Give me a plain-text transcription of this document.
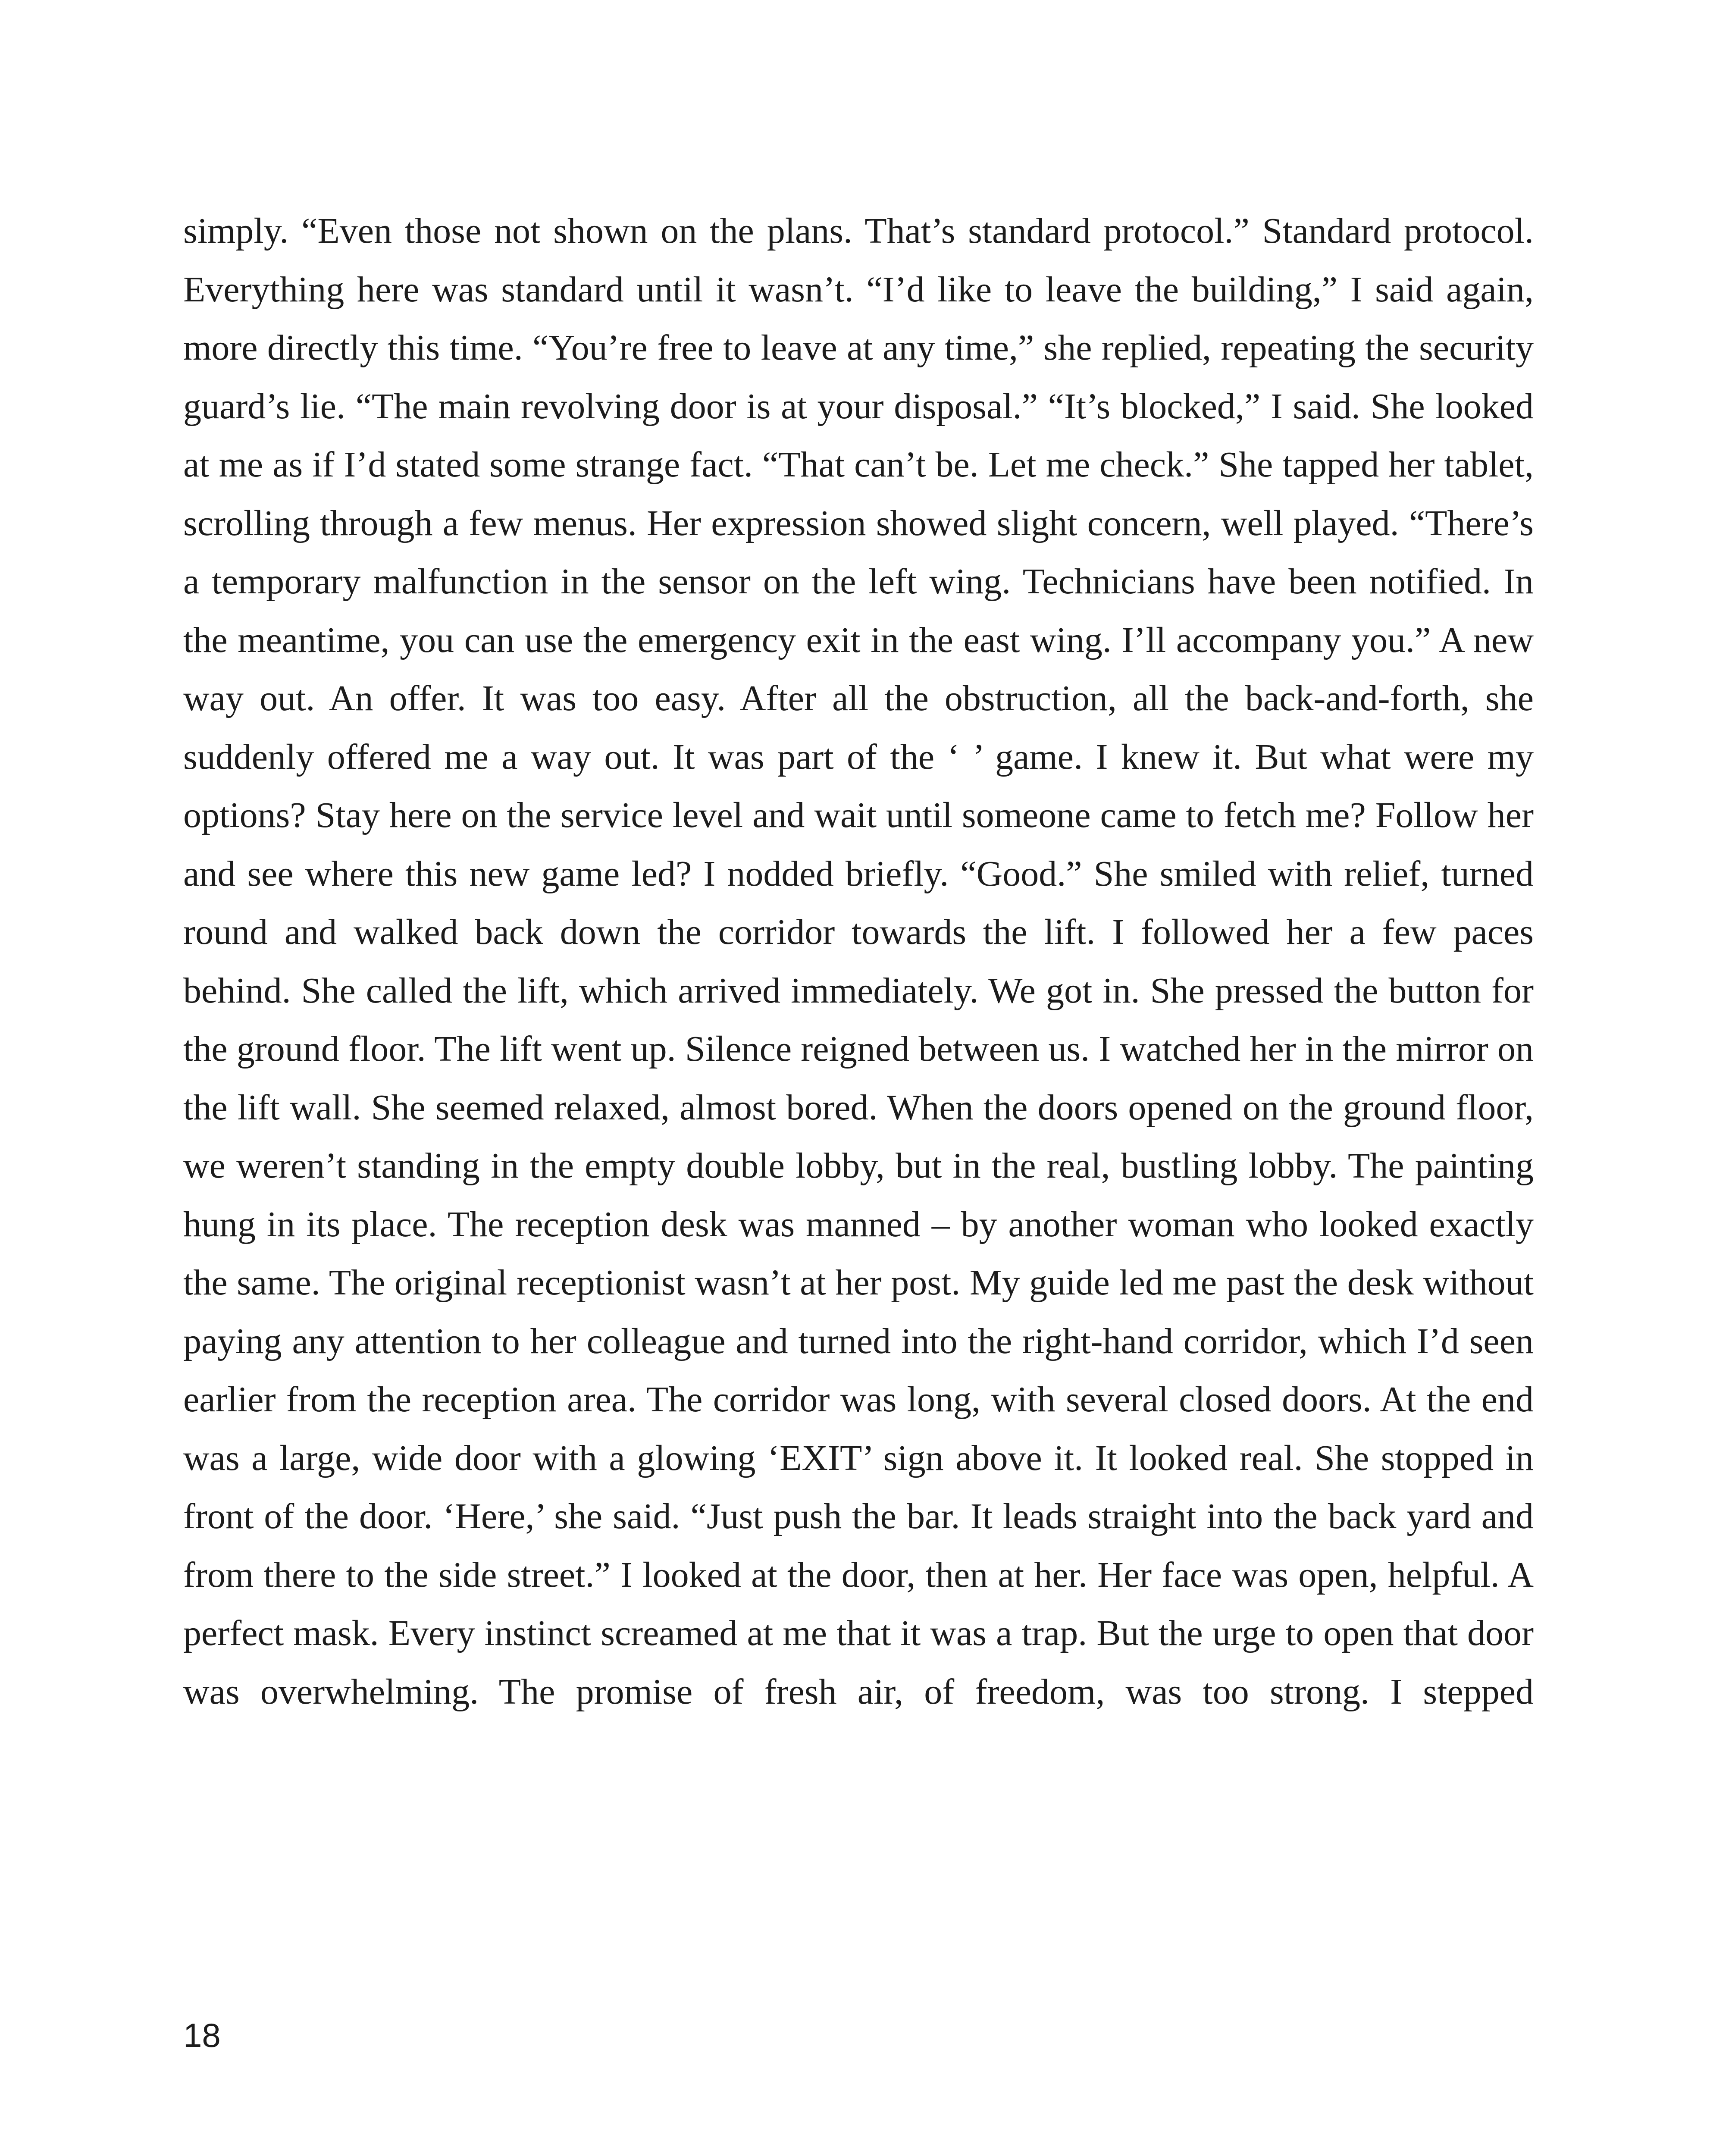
simply. “Even those not shown on the plans. That’s standard protocol.” Standard protocol. Everything here was standard until it wasn’t. “I’d like to leave the building,” I said again, more directly this time. “You’re free to leave at any time,” she replied, repeating the security guard’s lie. “The main revolving door is at your disposal.” “It’s blocked,” I said. She looked at me as if I’d stated some strange fact. “That can’t be. Let me check.” She tapped her tablet, scrolling through a few menus. Her expression showed slight concern, well played. “There’s a temporary malfunction in the sensor on the left wing. Technicians have been notified. In the meantime, you can use the emergency exit in the east wing. I’ll accompany you.” A new way out. An offer. It was too easy. After all the obstruction, all the back-and-forth, she suddenly offered me a way out. It was part of the ‘ ’ game. I knew it. But what were my options? Stay here on the service level and wait until someone came to fetch me? Follow her and see where this new game led? I nodded briefly. “Good.” She smiled with relief, turned round and walked back down the corridor towards the lift. I followed her a few paces behind. She called the lift, which arrived immediately. We got in. She pressed the button for the ground floor. The lift went up. Silence reigned between us. I watched her in the mirror on the lift wall. She seemed relaxed, almost bored. When the doors opened on the ground floor, we weren’t standing in the empty double lobby, but in the real, bustling lobby. The painting hung in its place. The reception desk was manned – by another woman who looked exactly the same. The original receptionist wasn’t at her post. My guide led me past the desk without paying any attention to her colleague and turned into the right-hand corridor, which I’d seen earlier from the reception area. The corridor was long, with several closed doors. At the end was a large, wide door with a glowing ‘EXIT’ sign above it. It looked real. She stopped in front of the door. ‘Here,’ she said. “Just push the bar. It leads straight into the back yard and from there to the side street.” I looked at the door, then at her. Her face was open, helpful. A perfect mask. Every instinct screamed at me that it was a trap. But the urge to open that door was overwhelming. The promise of fresh air, of freedom, was too strong. I stepped

18
